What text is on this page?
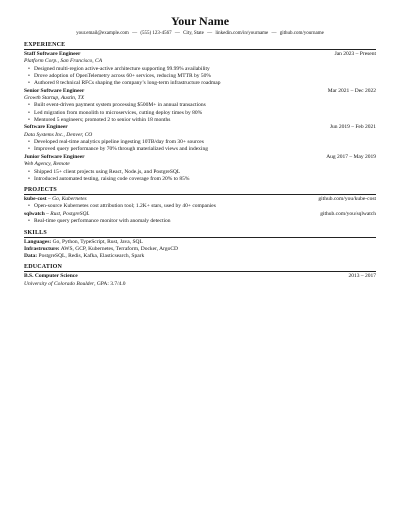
Your Name
your.email@example.com — (555) 123-4567 — City, State — linkedin.com/in/yourname — github.com/yourname
EXPERIENCE
Staff Software Engineer	Jan 2023 – Present
Platform Corp., San Francisco, CA
• Designed multi-region active-active architecture supporting 99.99% availability
• Drove adoption of OpenTelemetry across 60+ services, reducing MTTR by 50%
• Authored 8 technical RFCs shaping the company’s long-term infrastructure roadmap
Senior Software Engineer	Mar 2021 – Dec 2022
Growth Startup, Austin, TX
• Built event-driven payment system processing $500M+ in annual transactions
• Led migration from monolith to microservices, cutting deploy times by 80%
• Mentored 5 engineers; promoted 2 to senior within 18 months
Software Engineer	Jun 2019 – Feb 2021
Data Systems Inc., Denver, CO
• Developed real-time analytics pipeline ingesting 10TB/day from 30+ sources
• Improved query performance by 70% through materialized views and indexing
Junior Software Engineer	Aug 2017 – May 2019
Web Agency, Remote
• Shipped 15+ client projects using React, Node.js, and PostgreSQL
• Introduced automated testing, raising code coverage from 20% to 85%
PROJECTS
kube-cost – Go, Kubernetes	github.com/you/kube-cost
• Open-source Kubernetes cost attribution tool; 1.2K+ stars, used by 40+ companies
sqlwatch – Rust, PostgreSQL	github.com/you/sqlwatch
• Real-time query performance monitor with anomaly detection
SKILLS
Languages: Go, Python, TypeScript, Rust, Java, SQL
Infrastructure: AWS, GCP, Kubernetes, Terraform, Docker, ArgoCD
Data: PostgreSQL, Redis, Kafka, Elasticsearch, Spark
EDUCATION
B.S. Computer Science	2013 – 2017
University of Colorado Boulder, GPA: 3.7/4.0
